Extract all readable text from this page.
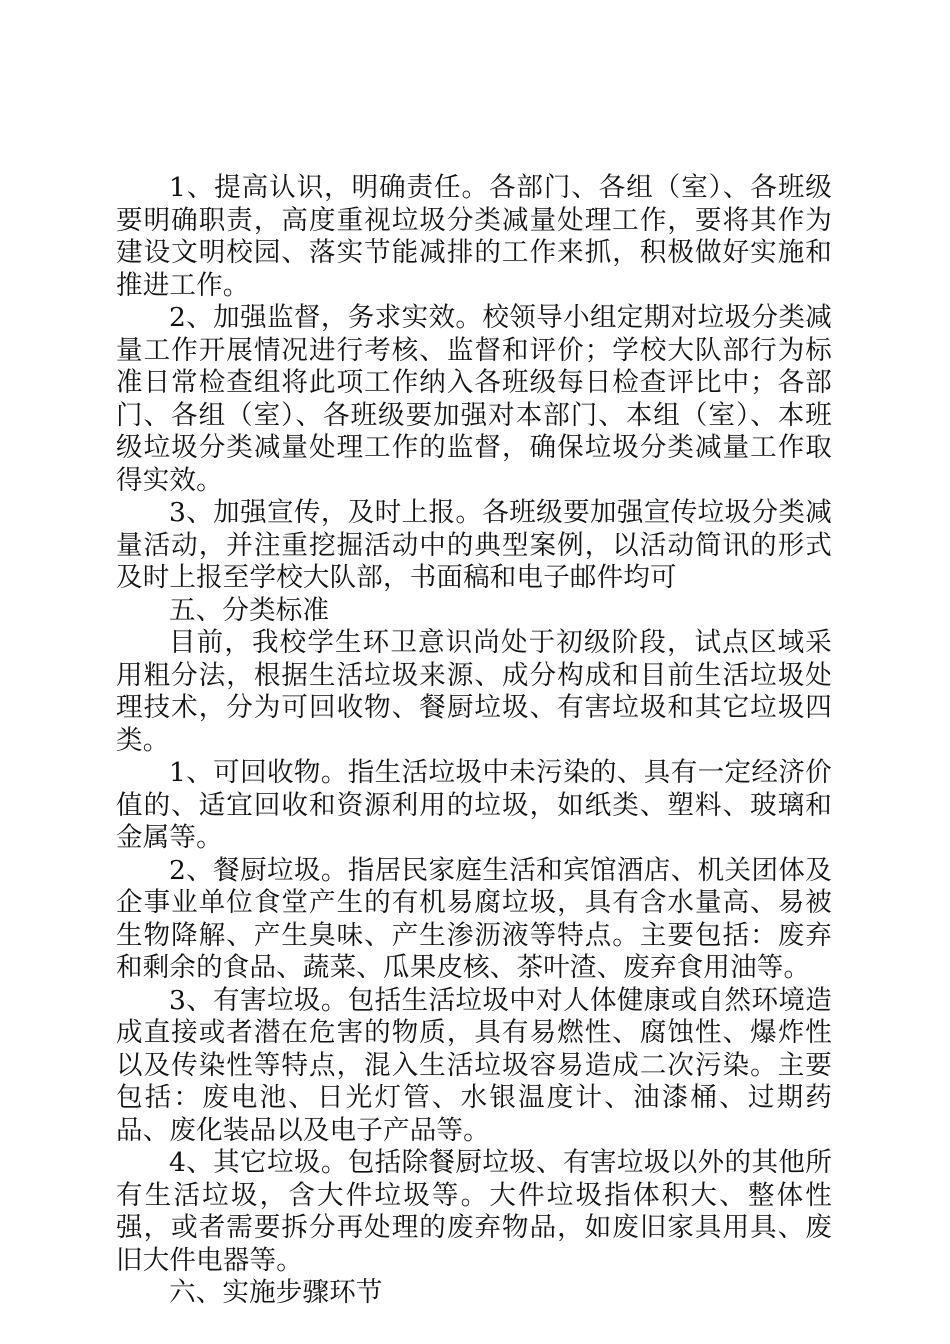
1、提高认识，明确责任。各部门、各组（室）、各班级要明确职责，高度重视垃圾分类减量处理工作，要将其作为建设文明校园、落实节能减排的工作来抓，积极做好实施和推进工作。

2、加强监督，务求实效。校领导小组定期对垃圾分类减量工作开展情况进行考核、监督和评价；学校大队部行为标准日常检查组将此项工作纳入各班级每日检查评比中；各部门、各组（室）、各班级要加强对本部门、本组（室）、本班级垃圾分类减量处理工作的监督，确保垃圾分类减量工作取得实效。

3、加强宣传，及时上报。各班级要加强宣传垃圾分类减量活动，并注重挖掘活动中的典型案例，以活动简讯的形式及时上报至学校大队部，书面稿和电子邮件均可

五、分类标准

目前，我校学生环卫意识尚处于初级阶段，试点区域采用粗分法，根据生活垃圾来源、成分构成和目前生活垃圾处理技术，分为可回收物、餐厨垃圾、有害垃圾和其它垃圾四类。

1、可回收物。指生活垃圾中未污染的、具有一定经济价值的、适宜回收和资源利用的垃圾，如纸类、塑料、玻璃和金属等。

2、餐厨垃圾。指居民家庭生活和宾馆酒店、机关团体及企事业单位食堂产生的有机易腐垃圾，具有含水量高、易被生物降解、产生臭味、产生渗沥液等特点。主要包括：废弃和剩余的食品、蔬菜、瓜果皮核、茶叶渣、废弃食用油等。

3、有害垃圾。包括生活垃圾中对人体健康或自然环境造成直接或者潜在危害的物质，具有易燃性、腐蚀性、爆炸性以及传染性等特点，混入生活垃圾容易造成二次污染。主要包括：废电池、日光灯管、水银温度计、油漆桶、过期药品、废化装品以及电子产品等。

4、其它垃圾。包括除餐厨垃圾、有害垃圾以外的其他所有生活垃圾，含大件垃圾等。大件垃圾指体积大、整体性强，或者需要拆分再处理的废弃物品，如废旧家具用具、废旧大件电器等。

六、实施步骤环节
